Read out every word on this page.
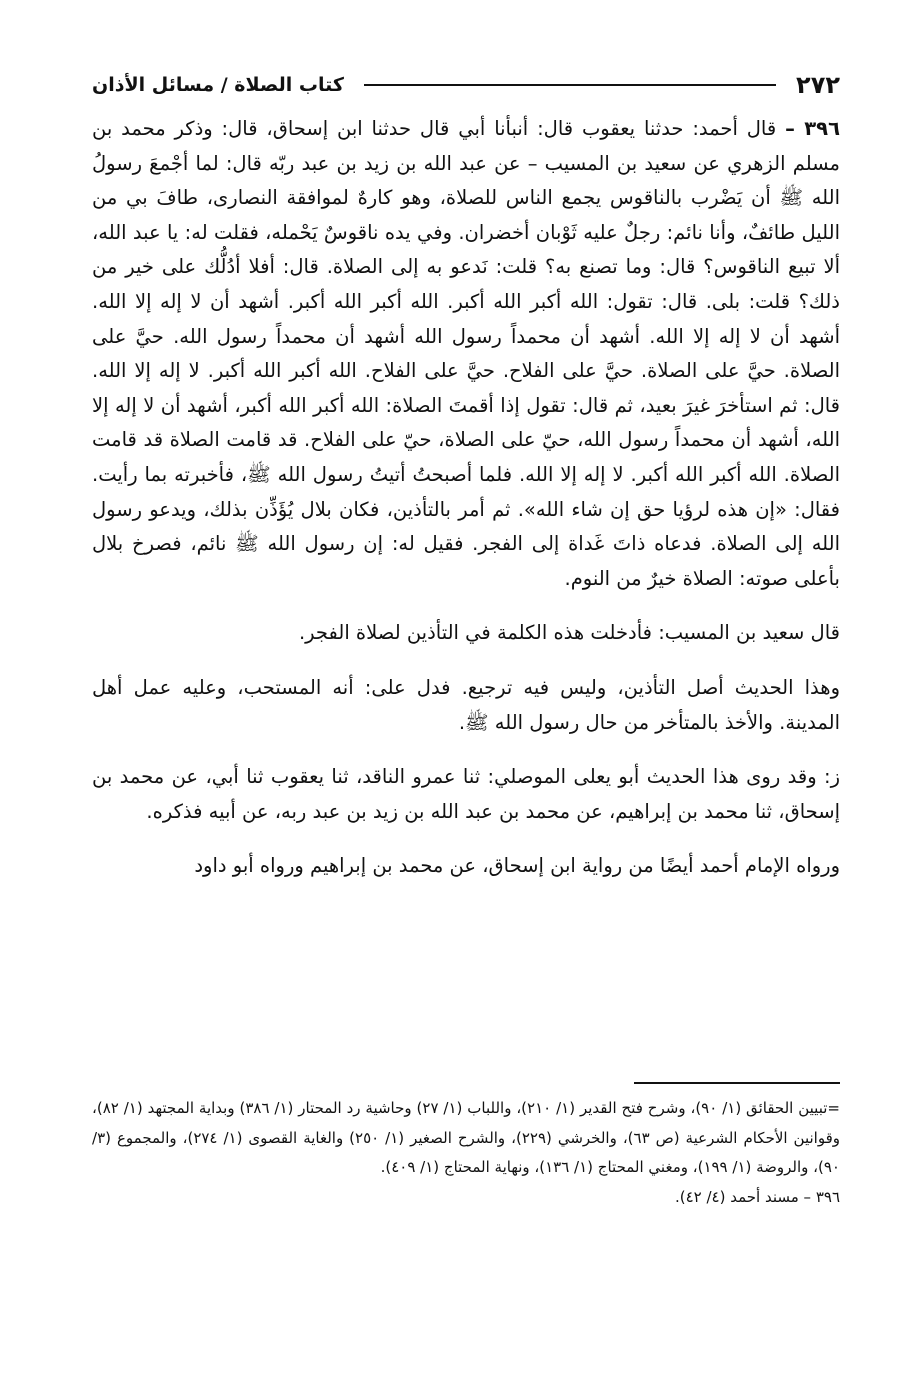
٢٧٢
كتاب الصلاة / مسائل الأذان

٣٩٦ – قال أحمد: حدثنا يعقوب قال: أنبأنا أبي قال حدثنا ابن إسحاق، قال: وذكر محمد بن مسلم الزهري عن سعيد بن المسيب – عن عبد الله بن زيد بن عبد ربّه قال: لما أجْمعَ رسولُ الله ﷺ أن يَضْرب بالناقوس يجمع الناس للصلاة، وهو كارهٌ لموافقة النصارى، طافَ بي من الليل طائفٌ، وأنا نائم: رجلٌ عليه ثَوْبان أخضران. وفي يده ناقوسٌ يَحْمله، فقلت له: يا عبد الله، ألا تبيع الناقوس؟ قال: وما تصنع به؟ قلت: نَدعو به إلى الصلاة. قال: أفلا أدُلُّك على خير من ذلك؟ قلت: بلى. قال: تقول: الله أكبر الله أكبر. الله أكبر الله أكبر. أشهد أن لا إله إلا الله. أشهد أن لا إله إلا الله. أشهد أن محمداً رسول الله أشهد أن محمداً رسول الله. حيَّ على الصلاة. حيَّ على الصلاة. حيَّ على الفلاح. حيَّ على الفلاح. الله أكبر الله أكبر. لا إله إلا الله. قال: ثم استأخرَ غيرَ بعيد، ثم قال: تقول إذا أقمتَ الصلاة: الله أكبر الله أكبر، أشهد أن لا إله إلا الله، أشهد أن محمداً رسول الله، حيّ على الصلاة، حيّ على الفلاح. قد قامت الصلاة قد قامت الصلاة. الله أكبر الله أكبر. لا إله إلا الله. فلما أصبحتُ أتيتُ رسول الله ﷺ، فأخبرته بما رأيت. فقال: «إن هذه لرؤيا حق إن شاء الله». ثم أمر بالتأذين، فكان بلال يُؤَذِّن بذلك، ويدعو رسول الله إلى الصلاة. فدعاه ذاتَ غَداة إلى الفجر. فقيل له: إن رسول الله ﷺ نائم، فصرخ بلال بأعلى صوته: الصلاة خيرٌ من النوم.

قال سعيد بن المسيب: فأدخلت هذه الكلمة في التأذين لصلاة الفجر.

وهذا الحديث أصل التأذين، وليس فيه ترجيع. فدل على: أنه المستحب، وعليه عمل أهل المدينة. والأخذ بالمتأخر من حال رسول الله ﷺ.

ز: وقد روى هذا الحديث أبو يعلى الموصلي: ثنا عمرو الناقد، ثنا يعقوب ثنا أبي، عن محمد بن إسحاق، ثنا محمد بن إبراهيم، عن محمد بن عبد الله بن زيد بن عبد ربه، عن أبيه فذكره.

ورواه الإمام أحمد أيضًا من رواية ابن إسحاق، عن محمد بن إبراهيم ورواه أبو داود

=تبيين الحقائق (١/ ٩٠)، وشرح فتح القدير (١/ ٢١٠)، واللباب (١/ ٢٧) وحاشية رد المحتار (١/ ٣٨٦) وبداية المجتهد (١/ ٨٢)، وقوانين الأحكام الشرعية (ص ٦٣)، والخرشي (٢٢٩)، والشرح الصغير (١/ ٢٥٠) والغاية القصوى (١/ ٢٧٤)، والمجموع (٣/ ٩٠)، والروضة (١/ ١٩٩)، ومغني المحتاج (١/ ١٣٦)، ونهاية المحتاج (١/ ٤٠٩).

٣٩٦ – مسند أحمد (٤/ ٤٢).
